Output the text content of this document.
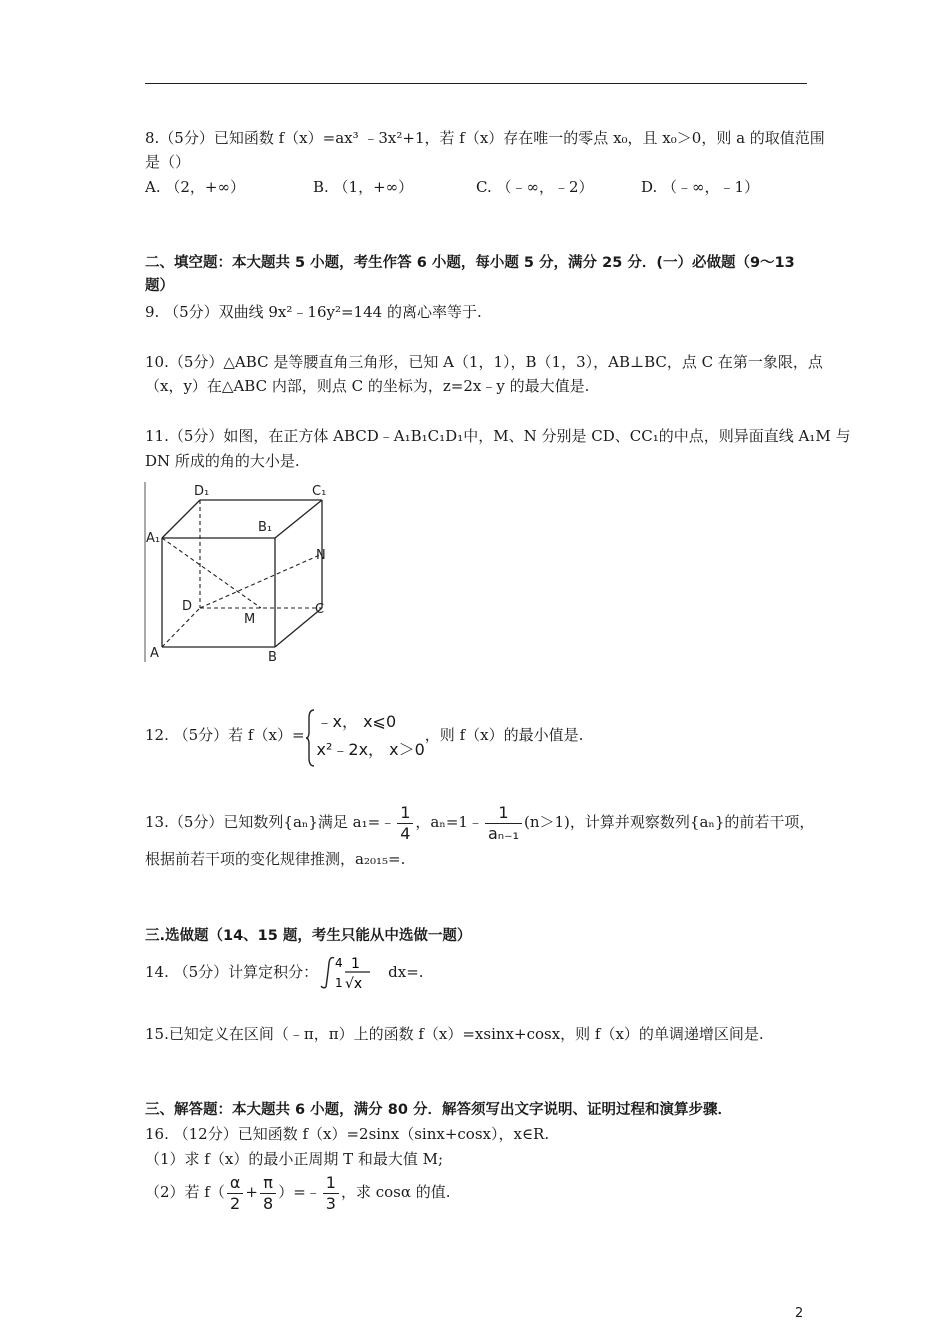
8.（5分）已知函数 f（x）=ax³ ﹣3x²+1，若 f（x）存在唯一的零点 x₀，且 x₀＞0，则 a 的取值范围
是（）
A. （2，+∞）	B. （1，+∞）	C. （﹣∞，﹣2）	D. （﹣∞，﹣1）
二、填空题：本大题共 5 小题，考生作答 6 小题，每小题 5 分，满分 25 分．(一）必做题（9～13
题）
9. （5分）双曲线 9x²﹣16y²=144 的离心率等于.
10.（5分）△ABC 是等腰直角三角形，已知 A（1，1），B（1，3），AB⊥BC，点 C 在第一象限，点
（x，y）在△ABC 内部，则点 C 的坐标为，z=2x﹣y 的最大值是.
11.（5分）如图，在正方体 ABCD﹣A₁B₁C₁D₁中，M、N 分别是 CD、CC₁的中点，则异面直线 A₁M 与
DN 所成的角的大小是.
D₁	C₁
B₁
A₁
N
D
M
C
A	B
12. （5分）若 f（x）=
﹣x， x⩽0
x²﹣2x， x＞0
，则 f（x）的最小值是.
13.（5分）已知数列{aₙ}满足 a₁=﹣ $\frac{1}{4}$ ，aₙ=1﹣ $\frac{1}{\text{aₙ₋₁}} (n>1)$，计算并观察数列{aₙ}的前若干项，
根据前若干项的变化规律推测，a₂₀₁₅=.
三.选做题（14、15 题，考生只能从中选做一题）
14. （5分）计算定积分： 4
1
1
√x
dx=.
15.已知定义在区间（﹣π，π）上的函数 f（x）=xsinx+cosx，则 f（x）的单调递增区间是.
三、解答题：本大题共 6 小题，满分 80 分．解答须写出文字说明、证明过程和演算步骤．
16. （12分）已知函数 f（x）=2sinx（sinx+cosx），x∈R.
（1）求 f（x）的最小正周期 T 和最大值 M;
（2）若 $f( \frac{\alpha}{2} + \frac{\pi}{8}$ ）=﹣ $\frac{1}{3}$ ，求 cosα 的值.
2
